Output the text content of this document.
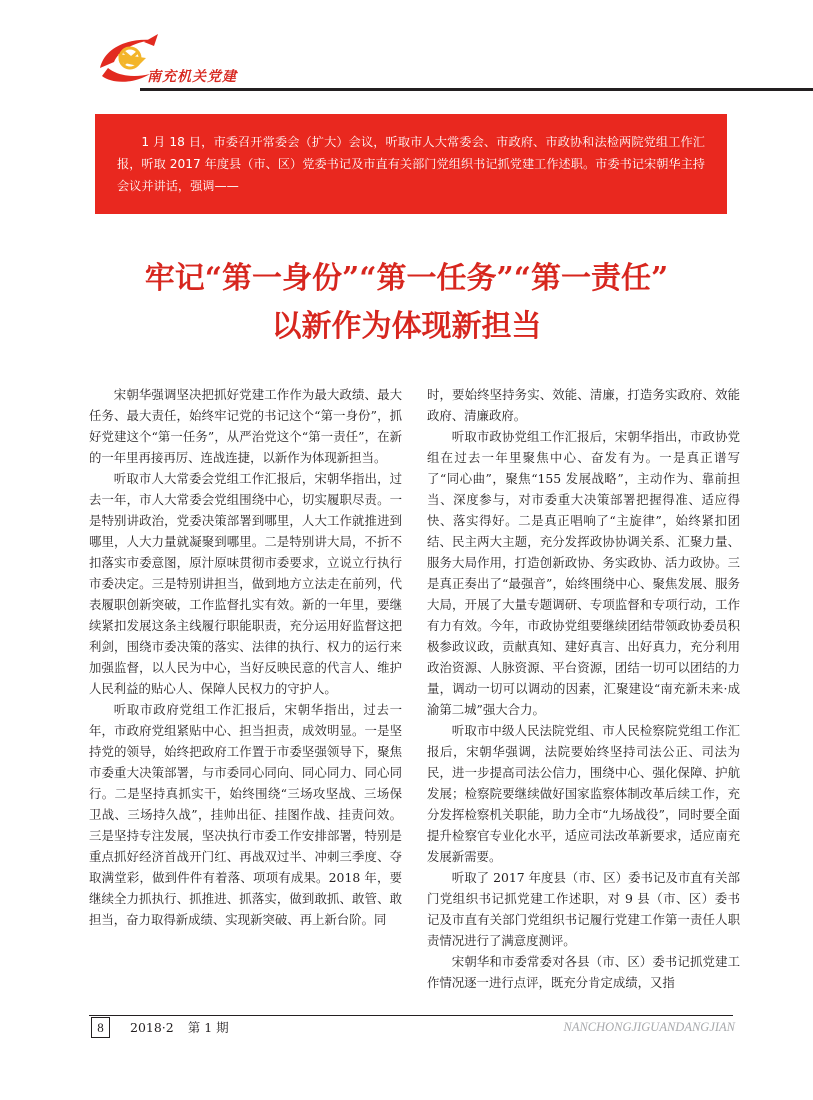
南充机关党建

1 月 18 日，市委召开常委会（扩大）会议，听取市人大常委会、市政府、市政协和法检两院党组工作汇报，听取 2017 年度县（市、区）党委书记及市直有关部门党组织书记抓党建工作述职。市委书记宋朝华主持会议并讲话，强调——

牢记“第一身份”“第一任务”“第一责任”
以新作为体现新担当

宋朝华强调坚决把抓好党建工作作为最大政绩、最大任务、最大责任，始终牢记党的书记这个“第一身份”，抓好党建这个“第一任务”，从严治党这个“第一责任”，在新的一年里再接再厉、连战连捷，以新作为体现新担当。

听取市人大常委会党组工作汇报后，宋朝华指出，过去一年，市人大常委会党组围绕中心，切实履职尽责。一是特别讲政治，党委决策部署到哪里，人大工作就推进到哪里，人大力量就凝聚到哪里。二是特别讲大局，不折不扣落实市委意图，原汁原味贯彻市委要求，立说立行执行市委决定。三是特别讲担当，做到地方立法走在前列，代表履职创新突破，工作监督扎实有效。新的一年里，要继续紧扣发展这条主线履行职能职责，充分运用好监督这把利剑，围绕市委决策的落实、法律的执行、权力的运行来加强监督，以人民为中心，当好反映民意的代言人、维护人民利益的贴心人、保障人民权力的守护人。

听取市政府党组工作汇报后，宋朝华指出，过去一年，市政府党组紧贴中心、担当担责，成效明显。一是坚持党的领导，始终把政府工作置于市委坚强领导下，聚焦市委重大决策部署，与市委同心同向、同心同力、同心同行。二是坚持真抓实干，始终围绕“三场攻坚战、三场保卫战、三场持久战”，挂帅出征、挂图作战、挂责问效。三是坚持专注发展，坚决执行市委工作安排部署，特别是重点抓好经济首战开门红、再战双过半、冲刺三季度、夺取满堂彩，做到件件有着落、项项有成果。2018 年，要继续全力抓执行、抓推进、抓落实，做到敢抓、敢管、敢担当，奋力取得新成绩、实现新突破、再上新台阶。同

时，要始终坚持务实、效能、清廉，打造务实政府、效能政府、清廉政府。

听取市政协党组工作汇报后，宋朝华指出，市政协党组在过去一年里聚焦中心、奋发有为。一是真正谱写了“同心曲”，聚焦“155 发展战略”，主动作为、靠前担当、深度参与，对市委重大决策部署把握得准、适应得快、落实得好。二是真正唱响了“主旋律”，始终紧扣团结、民主两大主题，充分发挥政协协调关系、汇聚力量、服务大局作用，打造创新政协、务实政协、活力政协。三是真正奏出了“最强音”，始终围绕中心、聚焦发展、服务大局，开展了大量专题调研、专项监督和专项行动，工作有力有效。今年，市政协党组要继续团结带领政协委员积极参政议政，贡献真知、建好真言、出好真力，充分利用政治资源、人脉资源、平台资源，团结一切可以团结的力量，调动一切可以调动的因素，汇聚建设“南充新未来·成渝第二城”强大合力。

听取市中级人民法院党组、市人民检察院党组工作汇报后，宋朝华强调，法院要始终坚持司法公正、司法为民，进一步提高司法公信力，围绕中心、强化保障、护航发展；检察院要继续做好国家监察体制改革后续工作，充分发挥检察机关职能，助力全市“九场战役”，同时要全面提升检察官专业化水平，适应司法改革新要求，适应南充发展新需要。

听取了 2017 年度县（市、区）委书记及市直有关部门党组织书记抓党建工作述职，对 9 县（市、区）委书记及市直有关部门党组织书记履行党建工作第一责任人职责情况进行了满意度测评。

宋朝华和市委常委对各县（市、区）委书记抓党建工作情况逐一进行点评，既充分肯定成绩，又指

8	2018·2 第 1 期	NANCHONGJIGUANDANGJIAN
